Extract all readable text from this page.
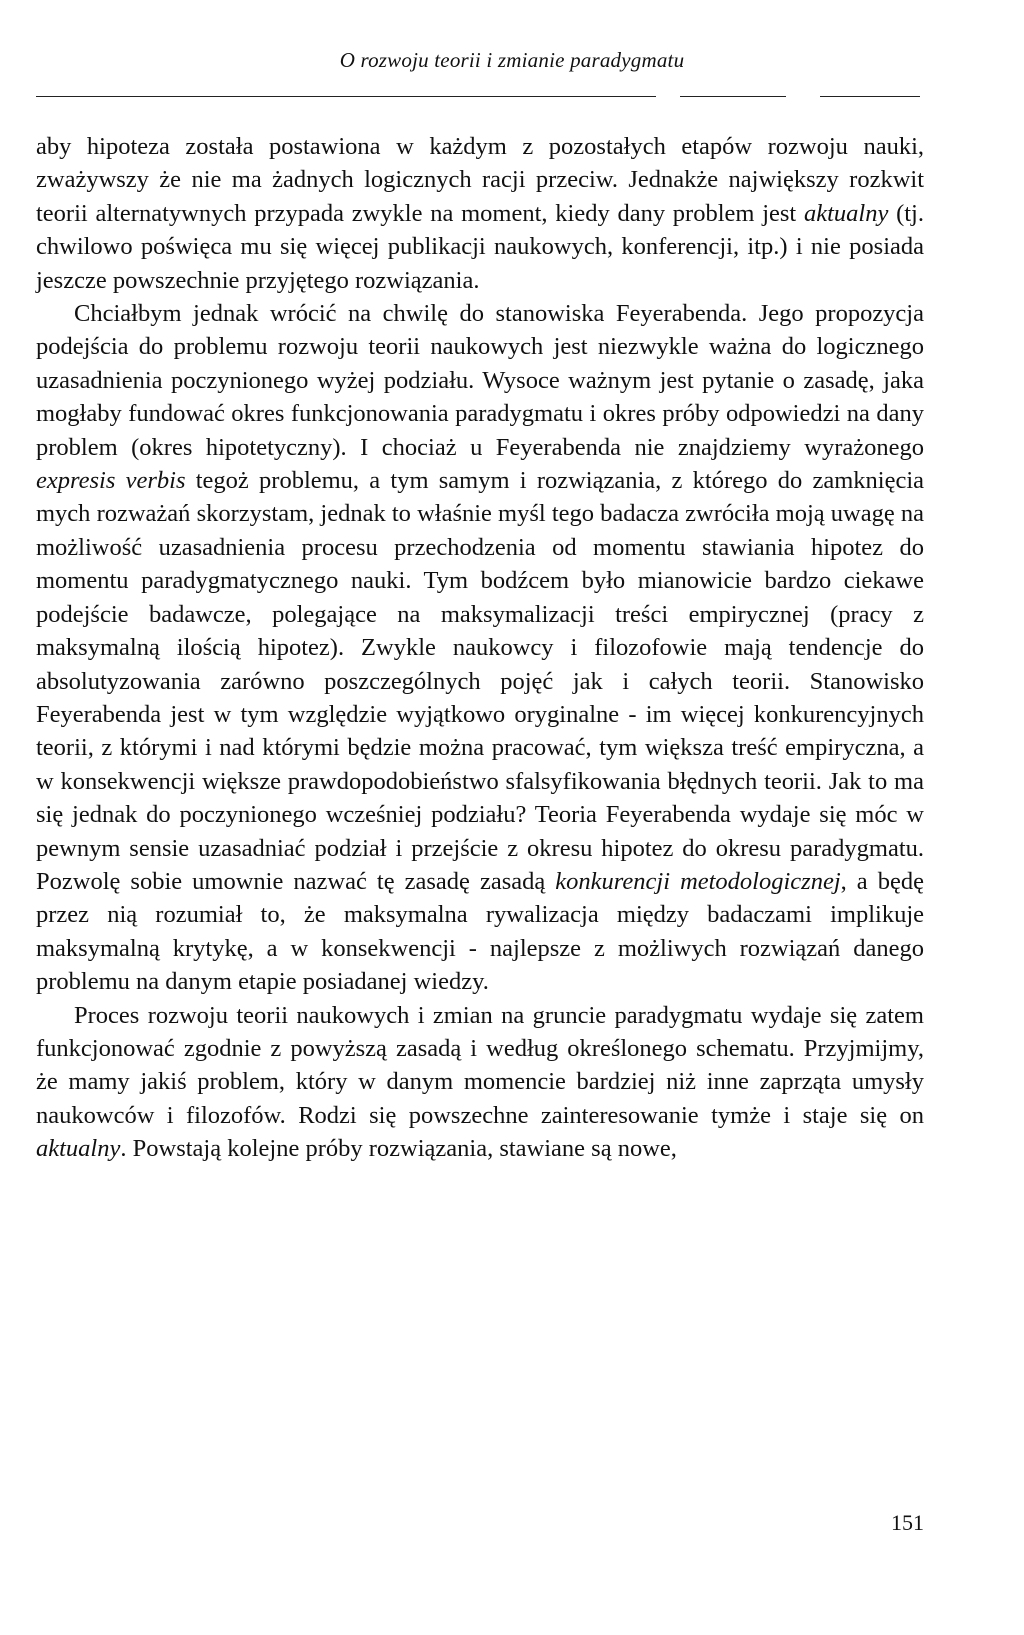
O rozwoju teorii i zmianie paradygmatu

aby hipoteza została postawiona w każdym z pozostałych etapów rozwoju nauki, zważywszy że nie ma żadnych logicznych racji przeciw. Jednakże największy rozkwit teorii alternatywnych przypada zwykle na moment, kiedy dany problem jest aktualny (tj. chwilowo poświęca mu się więcej publikacji naukowych, konferencji, itp.) i nie posiada jeszcze powszechnie przyjętego rozwiązania.

Chciałbym jednak wrócić na chwilę do stanowiska Feyerabenda. Jego propozycja podejścia do problemu rozwoju teorii naukowych jest niezwykle ważna do logicznego uzasadnienia poczynionego wyżej podziału. Wysoce ważnym jest pytanie o zasadę, jaka mogłaby fundować okres funkcjonowania paradygmatu i okres próby odpowiedzi na dany problem (okres hipotetyczny). I chociaż u Feyerabenda nie znajdziemy wyrażonego expresis verbis tegoż problemu, a tym samym i rozwiązania, z którego do zamknięcia mych rozważań skorzystam, jednak to właśnie myśl tego badacza zwróciła moją uwagę na możliwość uzasadnienia procesu przechodzenia od momentu stawiania hipotez do momentu paradygmatycznego nauki. Tym bodźcem było mianowicie bardzo ciekawe podejście badawcze, polegające na maksymalizacji treści empirycznej (pracy z maksymalną ilością hipotez). Zwykle naukowcy i filozofowie mają tendencje do absolutyzowania zarówno poszczególnych pojęć jak i całych teorii. Stanowisko Feyerabenda jest w tym względzie wyjątkowo oryginalne - im więcej konkurencyjnych teorii, z którymi i nad którymi będzie można pracować, tym większa treść empiryczna, a w konsekwencji większe prawdopodobieństwo sfalsyfikowania błędnych teorii. Jak to ma się jednak do poczynionego wcześniej podziału? Teoria Feyerabenda wydaje się móc w pewnym sensie uzasadniać podział i przejście z okresu hipotez do okresu paradygmatu. Pozwolę sobie umownie nazwać tę zasadę zasadą konkurencji metodologicznej, a będę przez nią rozumiał to, że maksymalna rywalizacja między badaczami implikuje maksymalną krytykę, a w konsekwencji - najlepsze z możliwych rozwiązań danego problemu na danym etapie posiadanej wiedzy.

Proces rozwoju teorii naukowych i zmian na gruncie paradygmatu wydaje się zatem funkcjonować zgodnie z powyższą zasadą i według określonego schematu. Przyjmijmy, że mamy jakiś problem, który w danym momencie bardziej niż inne zaprząta umysły naukowców i filozofów. Rodzi się powszechne zainteresowanie tymże i staje się on aktualny. Powstają kolejne próby rozwiązania, stawiane są nowe,

151
